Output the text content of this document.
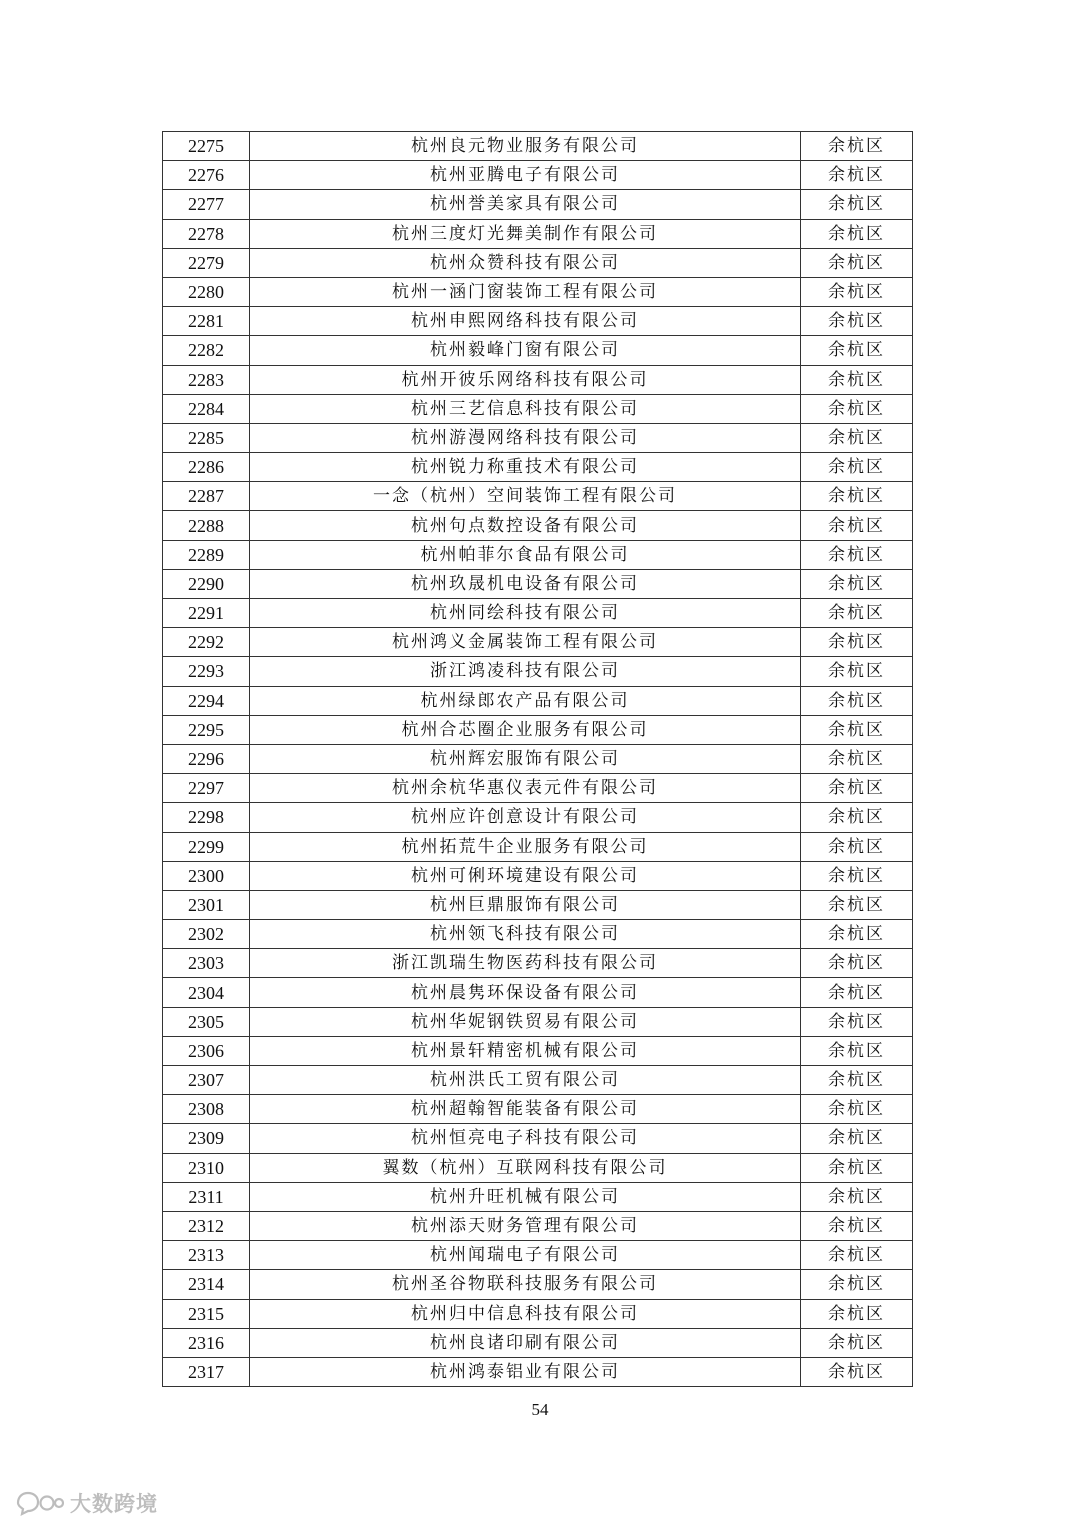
2275	杭州良元物业服务有限公司	余杭区
2276	杭州亚腾电子有限公司	余杭区
2277	杭州誉美家具有限公司	余杭区
2278	杭州三度灯光舞美制作有限公司	余杭区
2279	杭州众赞科技有限公司	余杭区
2280	杭州一涵门窗装饰工程有限公司	余杭区
2281	杭州申熙网络科技有限公司	余杭区
2282	杭州毅峰门窗有限公司	余杭区
2283	杭州开彼乐网络科技有限公司	余杭区
2284	杭州三艺信息科技有限公司	余杭区
2285	杭州游漫网络科技有限公司	余杭区
2286	杭州锐力称重技术有限公司	余杭区
2287	一念（杭州）空间装饰工程有限公司	余杭区
2288	杭州句点数控设备有限公司	余杭区
2289	杭州帕菲尔食品有限公司	余杭区
2290	杭州玖晟机电设备有限公司	余杭区
2291	杭州同绘科技有限公司	余杭区
2292	杭州鸿义金属装饰工程有限公司	余杭区
2293	浙江鸿凌科技有限公司	余杭区
2294	杭州绿郎农产品有限公司	余杭区
2295	杭州合芯圈企业服务有限公司	余杭区
2296	杭州辉宏服饰有限公司	余杭区
2297	杭州余杭华惠仪表元件有限公司	余杭区
2298	杭州应许创意设计有限公司	余杭区
2299	杭州拓荒牛企业服务有限公司	余杭区
2300	杭州可俐环境建设有限公司	余杭区
2301	杭州巨鼎服饰有限公司	余杭区
2302	杭州领飞科技有限公司	余杭区
2303	浙江凯瑞生物医药科技有限公司	余杭区
2304	杭州晨隽环保设备有限公司	余杭区
2305	杭州华妮钢铁贸易有限公司	余杭区
2306	杭州景轩精密机械有限公司	余杭区
2307	杭州洪氏工贸有限公司	余杭区
2308	杭州超翰智能装备有限公司	余杭区
2309	杭州恒亮电子科技有限公司	余杭区
2310	翼数（杭州）互联网科技有限公司	余杭区
2311	杭州升旺机械有限公司	余杭区
2312	杭州添天财务管理有限公司	余杭区
2313	杭州闻瑞电子有限公司	余杭区
2314	杭州圣谷物联科技服务有限公司	余杭区
2315	杭州归中信息科技有限公司	余杭区
2316	杭州良诸印刷有限公司	余杭区
2317	杭州鸿泰铝业有限公司	余杭区
54
大数跨境
